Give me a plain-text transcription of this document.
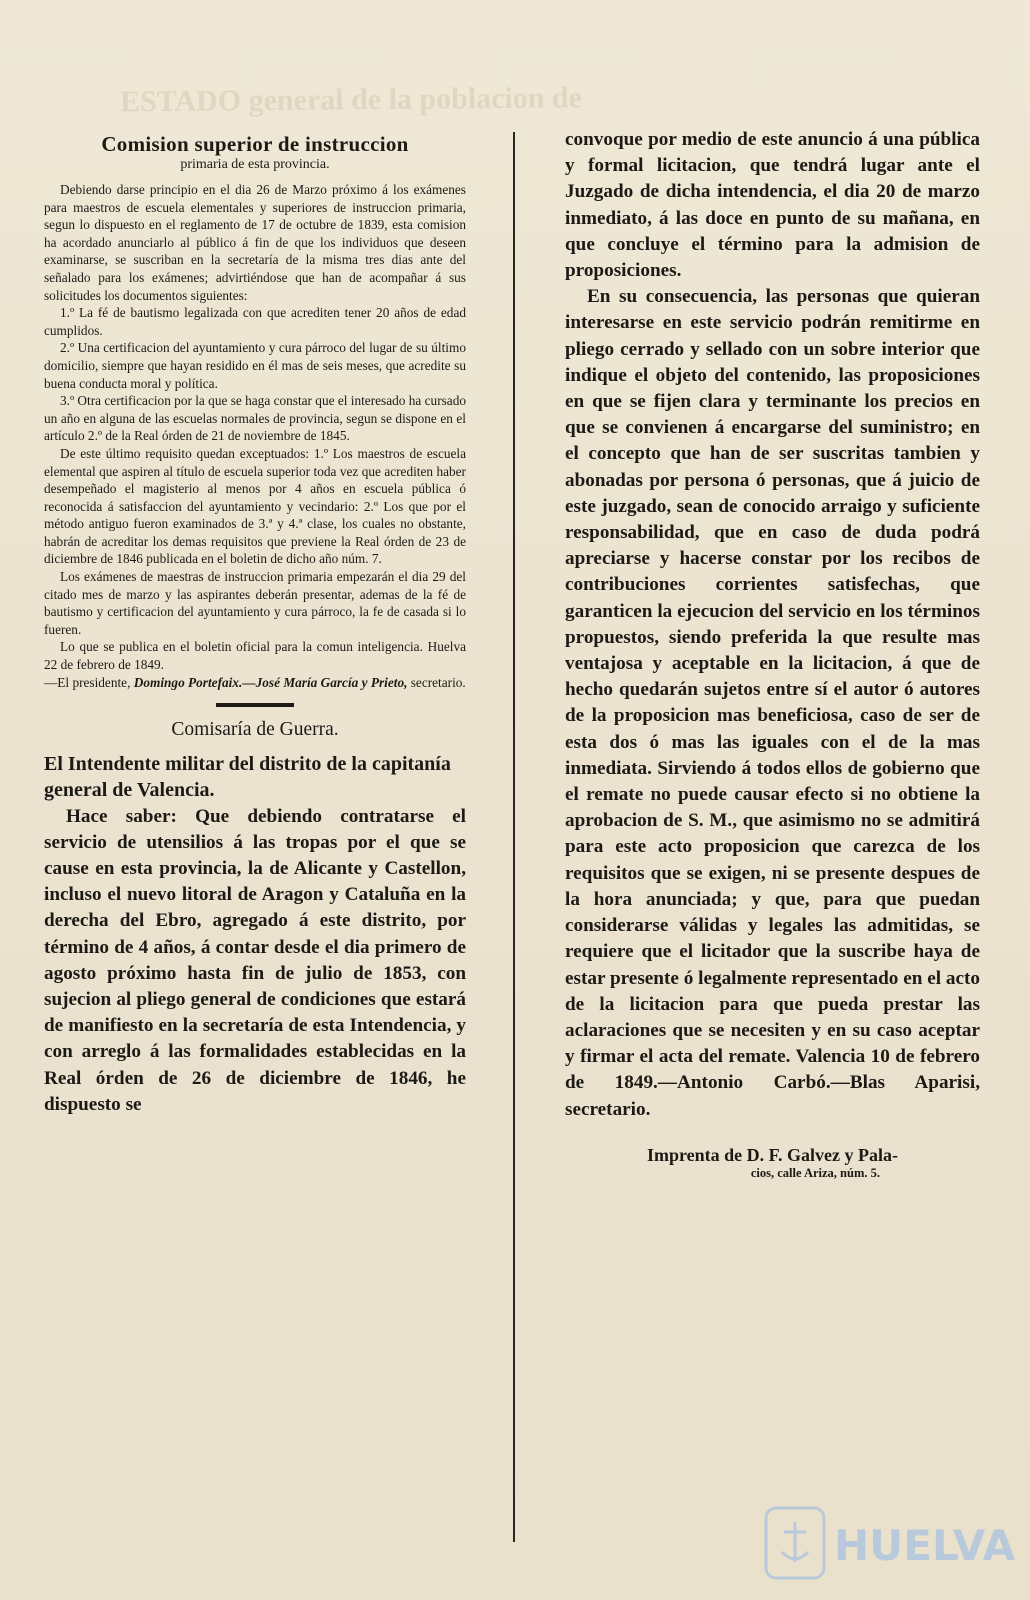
ESTADO general de la poblacion de
Comision superior de instruccion
primaria de esta provincia.

Debiendo darse principio en el dia 26 de Marzo próximo á los exámenes para maestros de escuela elementales y superiores de instruccion primaria, segun lo dispuesto en el reglamento de 17 de octubre de 1839, esta comision ha acordado anunciarlo al público á fin de que los individuos que deseen examinarse, se suscriban en la secretaría de la misma tres dias ante del señalado para los exámenes; advirtiéndose que han de acompañar á sus solicitudes los documentos siguientes:

1.º La fé de bautismo legalizada con que acrediten tener 20 años de edad cumplidos.

2.º Una certificacion del ayuntamiento y cura párroco del lugar de su último domicilio, siempre que hayan residido en él mas de seis meses, que acredite su buena conducta moral y política.

3.º Otra certificacion por la que se haga constar que el interesado ha cursado un año en alguna de las escuelas normales de provincia, segun se dispone en el artículo 2.º de la Real órden de 21 de noviembre de 1845.

De este último requisito quedan exceptuados: 1.º Los maestros de escuela elemental que aspiren al título de escuela superior toda vez que acrediten haber desempeñado el magisterio al menos por 4 años en escuela pública ó reconocida á satisfaccion del ayuntamiento y vecindario: 2.º Los que por el método antiguo fueron examinados de 3.ª y 4.ª clase, los cuales no obstante, habrán de acreditar los demas requisitos que previene la Real órden de 23 de diciembre de 1846 publicada en el boletin de dicho año núm. 7.

Los exámenes de maestras de instruccion primaria empezarán el dia 29 del citado mes de marzo y las aspirantes deberán presentar, ademas de la fé de bautismo y certificacion del ayuntamiento y cura párroco, la fe de casada si lo fueren.

Lo que se publica en el boletin oficial para la comun inteligencia. Huelva 22 de febrero de 1849.

—El presidente, Domingo Portefaix.—José María García y Prieto, secretario.

Comisaría de Guerra.

El Intendente militar del distrito de la capitanía general de Valencia.

Hace saber: Que debiendo contratarse el servicio de utensilios á las tropas por el que se cause en esta provincia, la de Alicante y Castellon, incluso el nuevo litoral de Aragon y Cataluña en la derecha del Ebro, agregado á este distrito, por término de 4 años, á contar desde el dia primero de agosto próximo hasta fin de julio de 1853, con sujecion al pliego general de condiciones que estará de manifiesto en la secretaría de esta Intendencia, y con arreglo á las formalidades establecidas en la Real órden de 26 de diciembre de 1846, he dispuesto se

convoque por medio de este anuncio á una pública y formal licitacion, que tendrá lugar ante el Juzgado de dicha intendencia, el dia 20 de marzo inmediato, á las doce en punto de su mañana, en que concluye el término para la admision de proposiciones.

En su consecuencia, las personas que quieran interesarse en este servicio podrán remitirme en pliego cerrado y sellado con un sobre interior que indique el objeto del contenido, las proposiciones en que se fijen clara y terminante los precios en que se convienen á encargarse del suministro; en el concepto que han de ser suscritas tambien y abonadas por persona ó personas, que á juicio de este juzgado, sean de conocido arraigo y suficiente responsabilidad, que en caso de duda podrá apreciarse y hacerse constar por los recibos de contribuciones corrientes satisfechas, que garanticen la ejecucion del servicio en los términos propuestos, siendo preferida la que resulte mas ventajosa y aceptable en la licitacion, á que de hecho quedarán sujetos entre sí el autor ó autores de la proposicion mas beneficiosa, caso de ser de esta dos ó mas las iguales con el de la mas inmediata. Sirviendo á todos ellos de gobierno que el remate no puede causar efecto si no obtiene la aprobacion de S. M., que asimismo no se admitirá para este acto proposicion que carezca de los requisitos que se exigen, ni se presente despues de la hora anunciada; y que, para que puedan considerarse válidas y legales las admitidas, se requiere que el licitador que la suscribe haya de estar presente ó legalmente representado en el acto de la licitacion para que pueda prestar las aclaraciones que se necesiten y en su caso aceptar y firmar el acta del remate. Valencia 10 de febrero de 1849.—Antonio Carbó.—Blas Aparisi, secretario.

Imprenta de D. F. Galvez y Pala-
cios, calle Ariza, núm. 5.
HUELVA
